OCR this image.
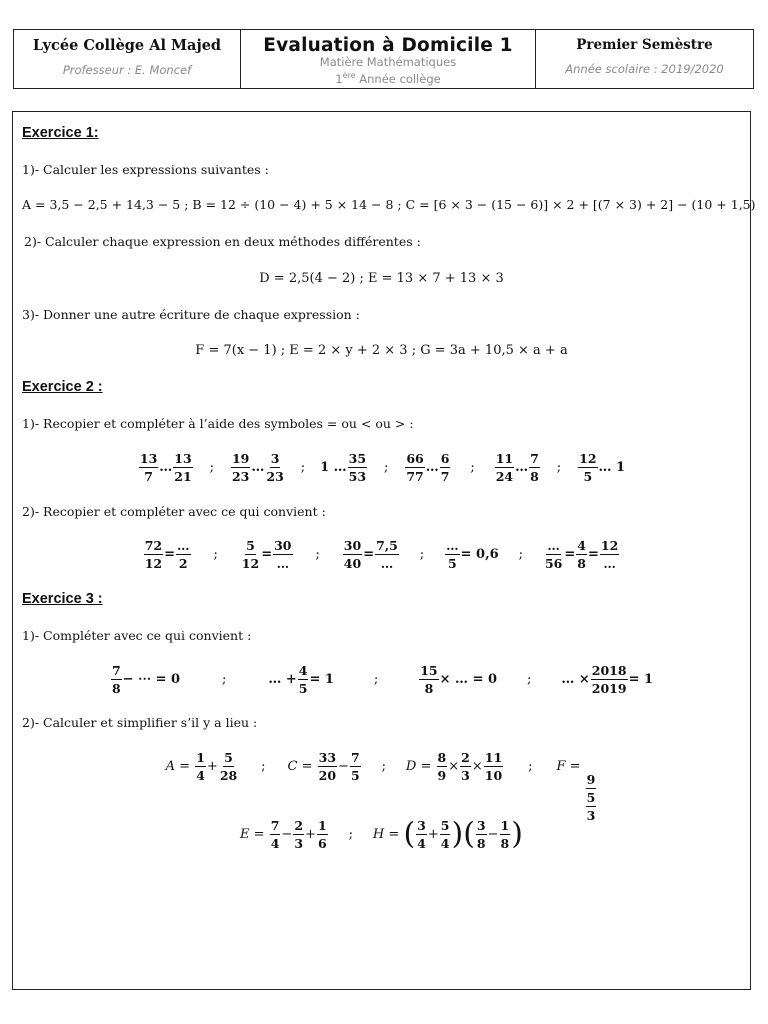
Lycée Collège Al Majed
Professeur : E. Moncef
Evaluation à Domicile 1
Matière Mathématiques
1ère Année collège
Premier Semèstre
Année scolaire : 2019/2020
Exercice 1:
1)- Calculer les expressions suivantes :
A = 3,5 − 2,5 + 14,3 − 5 ; B = 12 ÷ (10 − 4) + 5 × 14 − 8 ; C = [6 × 3 − (15 − 6)] × 2 + [(7 × 3) + 2] − (10 + 1,5)
2)- Calculer chaque expression en deux méthodes différentes :
D = 2,5(4 − 2) ; E = 13 × 7 + 13 × 3
3)- Donner une autre écriture de chaque expression :
F = 7(x − 1) ; E = 2 × y + 2 × 3 ; G = 3a + 10,5 × a + a
Exercice 2 :
1)- Recopier et compléter à l’aide des symboles = ou < ou > :
$\frac{13}{7}$ … $\frac{13}{21}$ ; $\frac{19}{23}$ … $\frac{3}{23}$ ; 1 … $\frac{35}{53}$ ; $\frac{66}{77}$ … $\frac{6}{7}$ ; $\frac{11}{24}$ … $\frac{7}{8}$ ; $\frac{12}{5}$ … 1
2)- Recopier et compléter avec ce qui convient :
$\frac{72}{12} = \frac{\dots}{2}$ ; $\frac{5}{12} = \frac{30}{\dots}$ ; $\frac{30}{40} = \frac{7,5}{\dots}$ ; $\frac{\dots}{5} = 0,6$ ; $\frac{\dots}{56} = \frac{4}{8} = \frac{12}{\dots}$
Exercice 3 :
1)- Compléter avec ce qui convient :
$\frac{7}{8}$ − ⋯ = 0	;	… + $\frac{4}{5} = 1$	;	$\frac{15}{8}$ × … = 0 ; … × $\frac{2018}{2019} = 1$
2)- Calculer et simplifier s’il y a lieu :
$A = \frac{1}{4} + \frac{5}{28}$ ; $C = \frac{33}{20} - \frac{7}{5}$ ; $D = \frac{8}{9} \times \frac{2}{3} \times \frac{11}{10}$ ; F =
9
5
3
$E = \frac{7}{4} - \frac{2}{3} + \frac{1}{6}$ ; H = ( $\frac{3}{4} + \frac{5}{4}$ )( $\frac{3}{8} - \frac{1}{8}$ )
